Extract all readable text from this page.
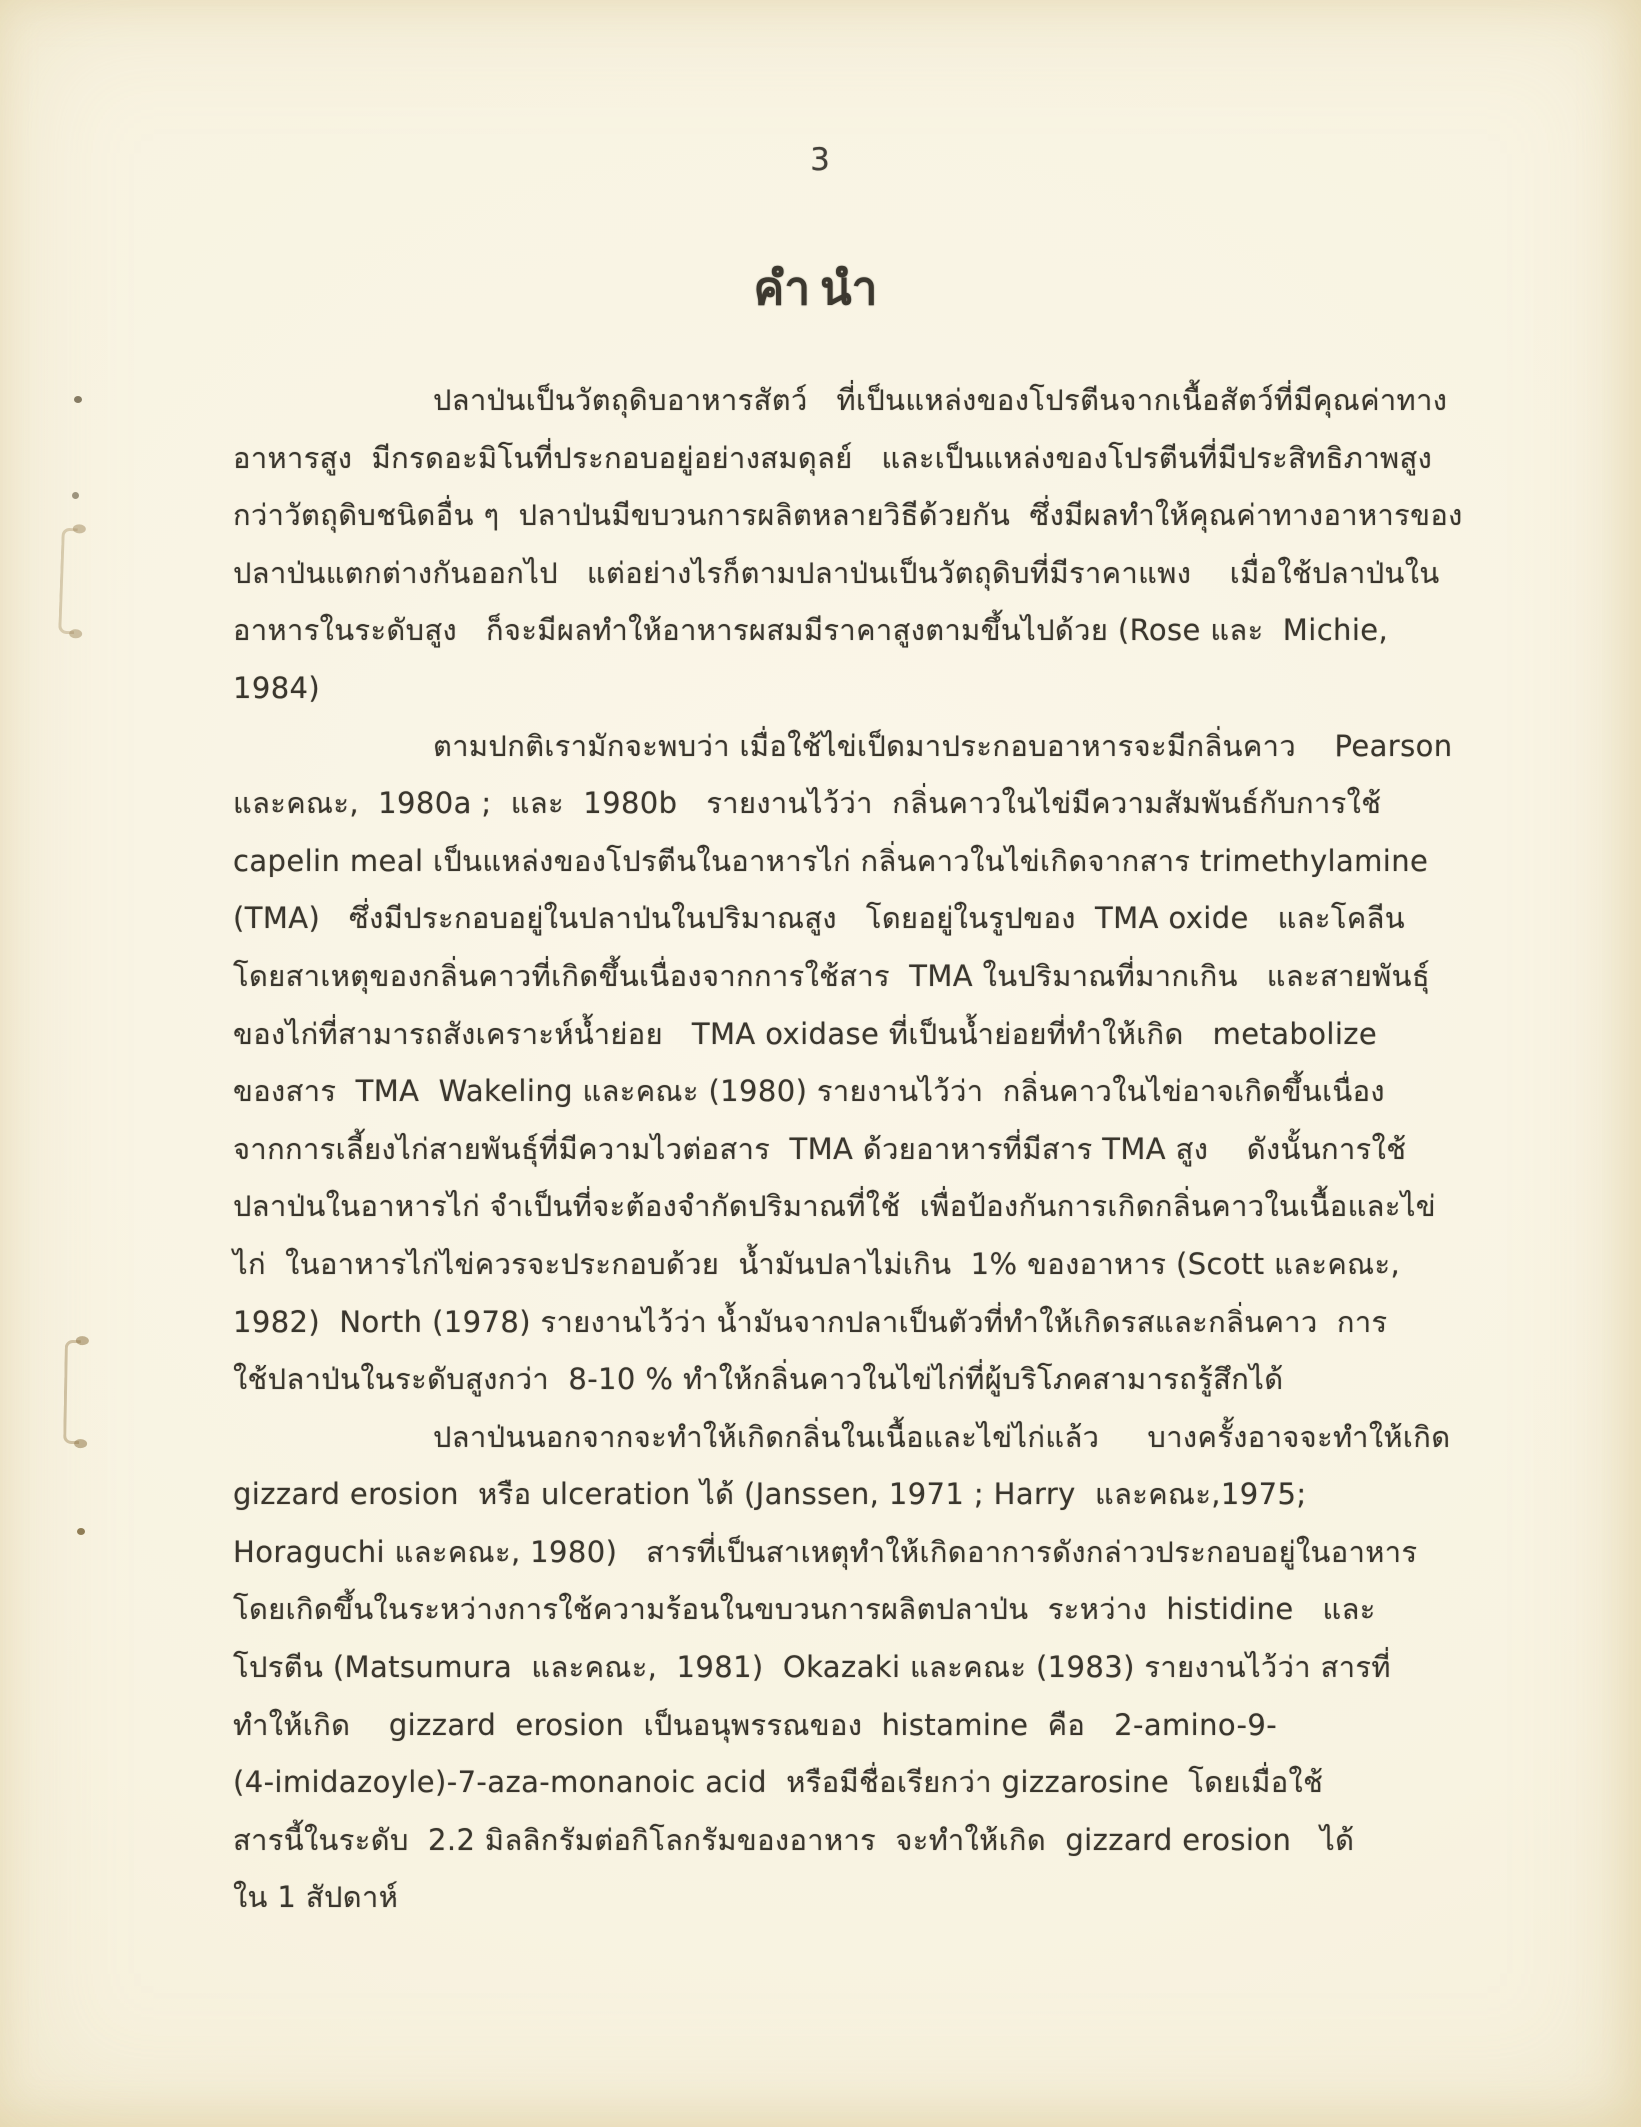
3
คำนำ
ปลาป่นเป็นวัตถุดิบอาหารสัตว์   ที่เป็นแหล่งของโปรตีนจากเนื้อสัตว์ที่มีคุณค่าทาง
อาหารสูง  มีกรดอะมิโนที่ประกอบอยู่อย่างสมดุลย์   และเป็นแหล่งของโปรตีนที่มีประสิทธิภาพสูง
กว่าวัตถุดิบชนิดอื่น ๆ  ปลาป่นมีขบวนการผลิตหลายวิธีด้วยกัน  ซึ่งมีผลทำให้คุณค่าทางอาหารของ
ปลาป่นแตกต่างกันออกไป   แต่อย่างไรก็ตามปลาป่นเป็นวัตถุดิบที่มีราคาแพง    เมื่อใช้ปลาป่นใน
อาหารในระดับสูง   ก็จะมีผลทำให้อาหารผสมมีราคาสูงตามขึ้นไปด้วย (Rose และ  Michie,
1984)
ตามปกติเรามักจะพบว่า เมื่อใช้ไข่เป็ดมาประกอบอาหารจะมีกลิ่นคาว    Pearson
และคณะ,  1980a ;  และ  1980b   รายงานไว้ว่า  กลิ่นคาวในไข่มีความสัมพันธ์กับการใช้
capelin meal เป็นแหล่งของโปรตีนในอาหารไก่ กลิ่นคาวในไข่เกิดจากสาร trimethylamine
(TMA)   ซึ่งมีประกอบอยู่ในปลาป่นในปริมาณสูง   โดยอยู่ในรูปของ  TMA oxide   และโคลีน
โดยสาเหตุของกลิ่นคาวที่เกิดขึ้นเนื่องจากการใช้สาร  TMA ในปริมาณที่มากเกิน   และสายพันธุ์
ของไก่ที่สามารถสังเคราะห์น้ำย่อย   TMA oxidase ที่เป็นน้ำย่อยที่ทำให้เกิด   metabolize
ของสาร  TMA  Wakeling และคณะ (1980) รายงานไว้ว่า  กลิ่นคาวในไข่อาจเกิดขึ้นเนื่อง
จากการเลี้ยงไก่สายพันธุ์ที่มีความไวต่อสาร  TMA ด้วยอาหารที่มีสาร TMA สูง    ดังนั้นการใช้
ปลาป่นในอาหารไก่ จำเป็นที่จะต้องจำกัดปริมาณที่ใช้  เพื่อป้องกันการเกิดกลิ่นคาวในเนื้อและไข่
ไก่  ในอาหารไก่ไข่ควรจะประกอบด้วย  น้ำมันปลาไม่เกิน  1% ของอาหาร (Scott และคณะ,
1982)  North (1978) รายงานไว้ว่า น้ำมันจากปลาเป็นตัวที่ทำให้เกิดรสและกลิ่นคาว  การ
ใช้ปลาป่นในระดับสูงกว่า  8-10 % ทำให้กลิ่นคาวในไข่ไก่ที่ผู้บริโภคสามารถรู้สึกได้
ปลาป่นนอกจากจะทำให้เกิดกลิ่นในเนื้อและไข่ไก่แล้ว     บางครั้งอาจจะทำให้เกิด
gizzard erosion  หรือ ulceration ได้ (Janssen, 1971 ; Harry  และคณะ,1975;
Horaguchi และคณะ, 1980)   สารที่เป็นสาเหตุทำให้เกิดอาการดังกล่าวประกอบอยู่ในอาหาร
โดยเกิดขึ้นในระหว่างการใช้ความร้อนในขบวนการผลิตปลาป่น  ระหว่าง  histidine   และ
โปรตีน (Matsumura  และคณะ,  1981)  Okazaki และคณะ (1983) รายงานไว้ว่า สารที่
ทำให้เกิด    gizzard  erosion  เป็นอนุพรรณของ  histamine  คือ   2-amino-9-
(4-imidazoyle)-7-aza-monanoic acid  หรือมีชื่อเรียกว่า gizzarosine  โดยเมื่อใช้
สารนี้ในระดับ  2.2 มิลลิกรัมต่อกิโลกรัมของอาหาร  จะทำให้เกิด  gizzard erosion   ได้
ใน 1 สัปดาห์
